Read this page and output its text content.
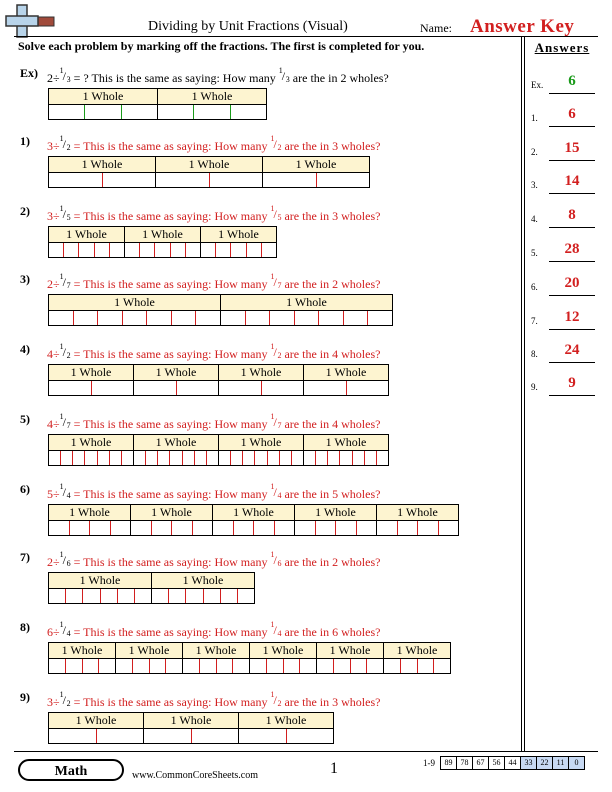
Dividing by Unit Fractions (Visual)	Name: Answer Key
Solve each problem by marking off the fractions. The first is completed for you.	Answers
Ex) 2÷
1 / 3 = ? This is the same as saying: How many
1 / 3 are the in 2 wholes?
1 Whole	1 Whole
1) 3÷
1 / 2 = This is the same as saying: How many
1 / 2 are the in 3 wholes?
1 Whole	1 Whole	1 Whole
2) 3÷
1 / 5 = This is the same as saying: How many
1 / 5 are the in 3 wholes?
1 Whole	1 Whole	1 Whole
3) 2÷
1 / 7 = This is the same as saying: How many
1 / 7 are the in 2 wholes?
1 Whole	1 Whole
4) 4÷
1 / 2 = This is the same as saying: How many
1 / 2 are the in 4 wholes?
1 Whole	1 Whole	1 Whole	1 Whole
5) 4÷
1 / 7 = This is the same as saying: How many
1 / 7 are the in 4 wholes?
1 Whole	1 Whole	1 Whole	1 Whole
6) 5÷
1 / 4 = This is the same as saying: How many
1 / 4 are the in 5 wholes?
1 Whole	1 Whole	1 Whole	1 Whole	1 Whole
7) 2÷
1 / 6 = This is the same as saying: How many
1 / 6 are the in 2 wholes?
1 Whole	1 Whole
8) 6÷
1 / 4 = This is the same as saying: How many
1 / 4 are the in 6 wholes?
1 Whole	1 Whole	1 Whole	1 Whole	1 Whole	1 Whole
9) 3÷
1 / 2 = This is the same as saying: How many
1 / 2 are the in 3 wholes?
1 Whole	1 Whole	1 Whole
Ex.	6
1.	6
2.	15
3.	14
4.	8
5.	28
6.	20
7.	12
8.	24
9.	9
Math	www.CommonCoreSheets.com	1	1-9	89	78	67	56	44	33	22	11	0
